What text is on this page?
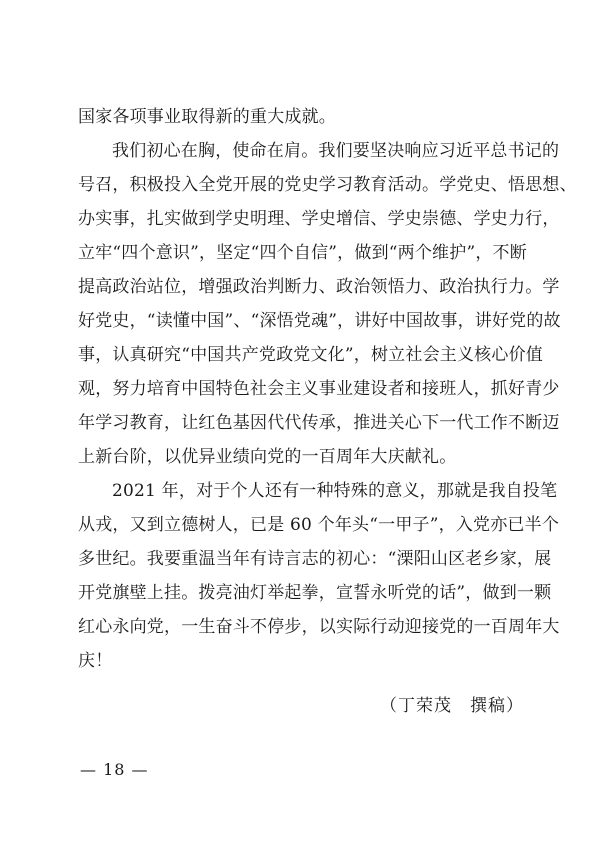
国家各项事业取得新的重大成就。
我们初心在胸，使命在肩。我们要坚决响应习近平总书记的
号召，积极投入全党开展的党史学习教育活动。学党史、悟思想、
办实事，扎实做到学史明理、学史增信、学史崇德、学史力行，
立牢“四个意识”，坚定“四个自信”，做到“两个维护”，不断
提高政治站位，增强政治判断力、政治领悟力、政治执行力。学
好党史，“读懂中国”、“深悟党魂”，讲好中国故事，讲好党的故
事，认真研究“中国共产党政党文化”，树立社会主义核心价值
观，努力培育中国特色社会主义事业建设者和接班人，抓好青少
年学习教育，让红色基因代代传承，推进关心下一代工作不断迈
上新台阶，以优异业绩向党的一百周年大庆献礼。
2021 年，对于个人还有一种特殊的意义，那就是我自投笔
从戎，又到立德树人，已是 60 个年头“一甲子”，入党亦已半个
多世纪。我要重温当年有诗言志的初心：“溧阳山区老乡家，展
开党旗壁上挂。拨亮油灯举起拳，宣誓永听党的话”，做到一颗
红心永向党，一生奋斗不停步，以实际行动迎接党的一百周年大
庆！
（丁荣茂　撰稿）
— 18 —
